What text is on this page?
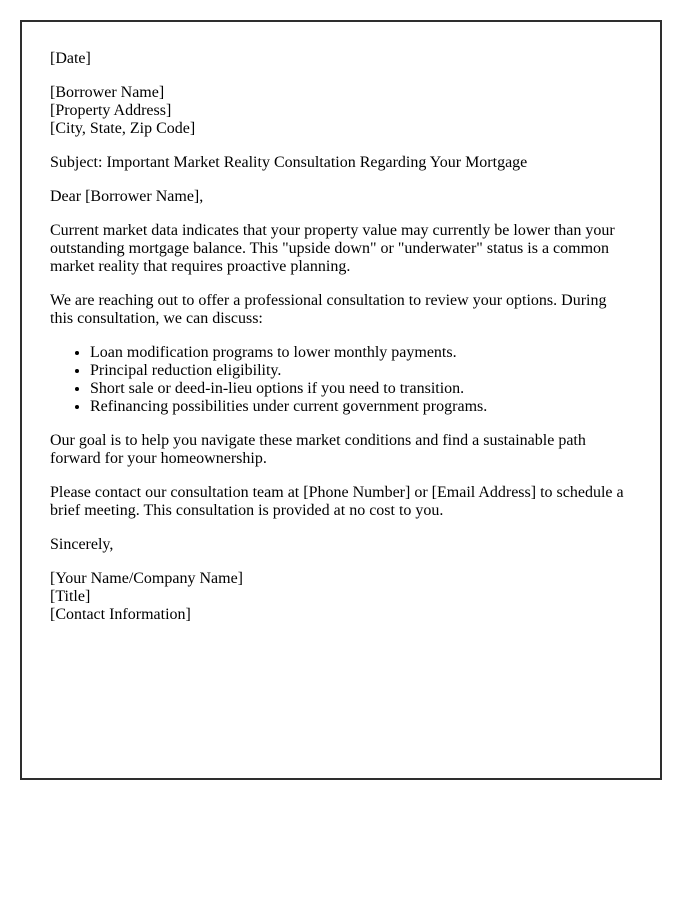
[Date]

[Borrower Name]
[Property Address]
[City, State, Zip Code]

Subject: Important Market Reality Consultation Regarding Your Mortgage

Dear [Borrower Name],

Current market data indicates that your property value may currently be lower than your outstanding mortgage balance. This "upside down" or "underwater" status is a common market reality that requires proactive planning.

We are reaching out to offer a professional consultation to review your options. During this consultation, we can discuss:

• Loan modification programs to lower monthly payments.
• Principal reduction eligibility.
• Short sale or deed-in-lieu options if you need to transition.
• Refinancing possibilities under current government programs.

Our goal is to help you navigate these market conditions and find a sustainable path forward for your homeownership.

Please contact our consultation team at [Phone Number] or [Email Address] to schedule a brief meeting. This consultation is provided at no cost to you.

Sincerely,

[Your Name/Company Name]
[Title]
[Contact Information]
